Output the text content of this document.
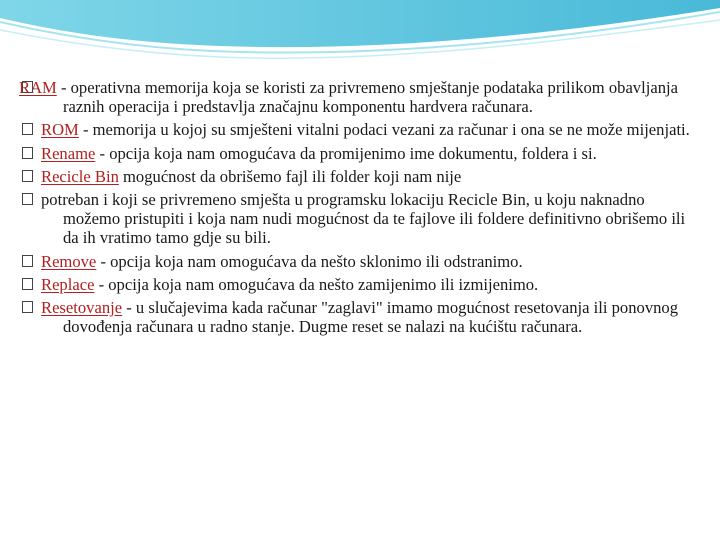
RAM - operativna memorija koja se koristi za privremeno smještanje podataka prilikom obavljanja raznih operacija i predstavlja značajnu komponentu hardvera računara.
ROM - memorija u kojoj su smješteni vitalni podaci vezani za računar i ona se ne može mijenjati.
Rename - opcija koja nam omogućava da promijenimo ime dokumentu, foldera i si.
Recicle Bin mogućnost da obrišemo fajl ili folder koji nam nije
potreban i koji se privremeno smješta u programsku lokaciju Recicle Bin, u koju naknadno možemo pristupiti i koja nam nudi mogućnost da te fajlove ili foldere definitivno obrišemo ili da ih vratimo tamo gdje su bili.
Remove - opcija koja nam omogućava da nešto sklonimo ili odstranimo.
Replace - opcija koja nam omogućava da nešto zamijenimo ili izmijenimo.
Resetovanje - u slučajevima kada računar "zaglavi" imamo mogućnost resetovanja ili ponovnog dovođenja računara u radno stanje. Dugme reset se nalazi na kućištu računara.
